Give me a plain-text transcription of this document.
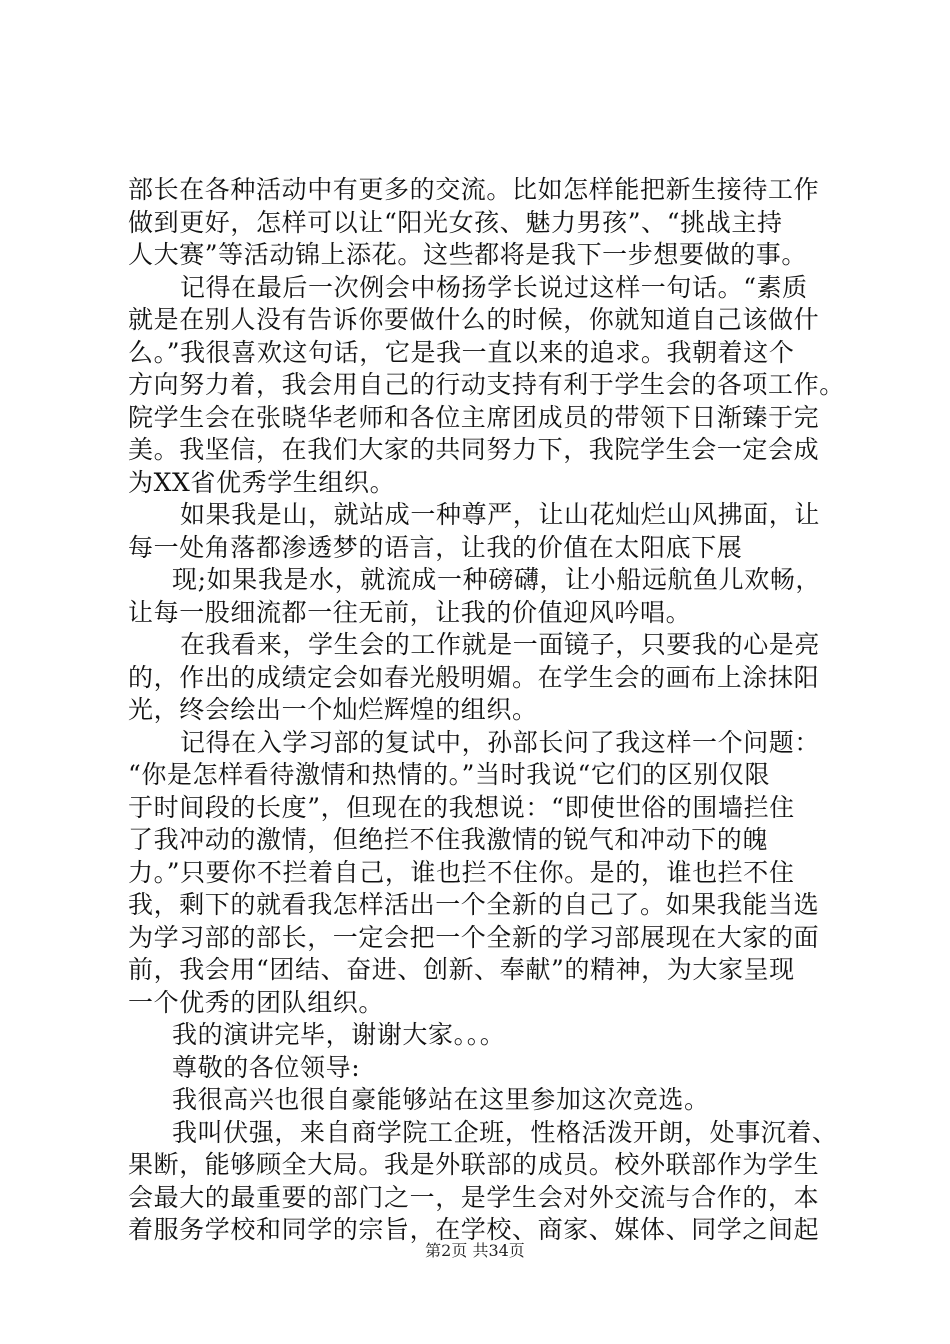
部长在各种活动中有更多的交流。比如怎样能把新生接待工作
做到更好，怎样可以让“阳光女孩、魅力男孩”、“挑战主持
人大赛”等活动锦上添花。这些都将是我下一步想要做的事。
记得在最后一次例会中杨扬学长说过这样一句话。“素质
就是在别人没有告诉你要做什么的时候，你就知道自己该做什
么。”我很喜欢这句话，它是我一直以来的追求。我朝着这个
方向努力着，我会用自己的行动支持有利于学生会的各项工作。
院学生会在张晓华老师和各位主席团成员的带领下日渐臻于完
美。我坚信，在我们大家的共同努力下，我院学生会一定会成
为XX省优秀学生组织。
如果我是山，就站成一种尊严，让山花灿烂山风拂面，让
每一处角落都渗透梦的语言，让我的价值在太阳底下展
现;如果我是水，就流成一种磅礴，让小船远航鱼儿欢畅，
让每一股细流都一往无前，让我的价值迎风吟唱。
在我看来，学生会的工作就是一面镜子，只要我的心是亮
的，作出的成绩定会如春光般明媚。在学生会的画布上涂抹阳
光，终会绘出一个灿烂辉煌的组织。
记得在入学习部的复试中，孙部长问了我这样一个问题：
“你是怎样看待激情和热情的。”当时我说“它们的区别仅限
于时间段的长度”，但现在的我想说：“即使世俗的围墙拦住
了我冲动的激情，但绝拦不住我激情的锐气和冲动下的魄
力。”只要你不拦着自己，谁也拦不住你。是的，谁也拦不住
我，剩下的就看我怎样活出一个全新的自己了。如果我能当选
为学习部的部长，一定会把一个全新的学习部展现在大家的面
前，我会用“团结、奋进、创新、奉献”的精神，为大家呈现
一个优秀的团队组织。
我的演讲完毕，谢谢大家。。。
尊敬的各位领导:
我很高兴也很自豪能够站在这里参加这次竞选。
我叫伏强，来自商学院工企班，性格活泼开朗，处事沉着、
果断，能够顾全大局。我是外联部的成员。校外联部作为学生
会最大的最重要的部门之一，是学生会对外交流与合作的，本
着服务学校和同学的宗旨，在学校、商家、媒体、同学之间起
第2页 共34页
